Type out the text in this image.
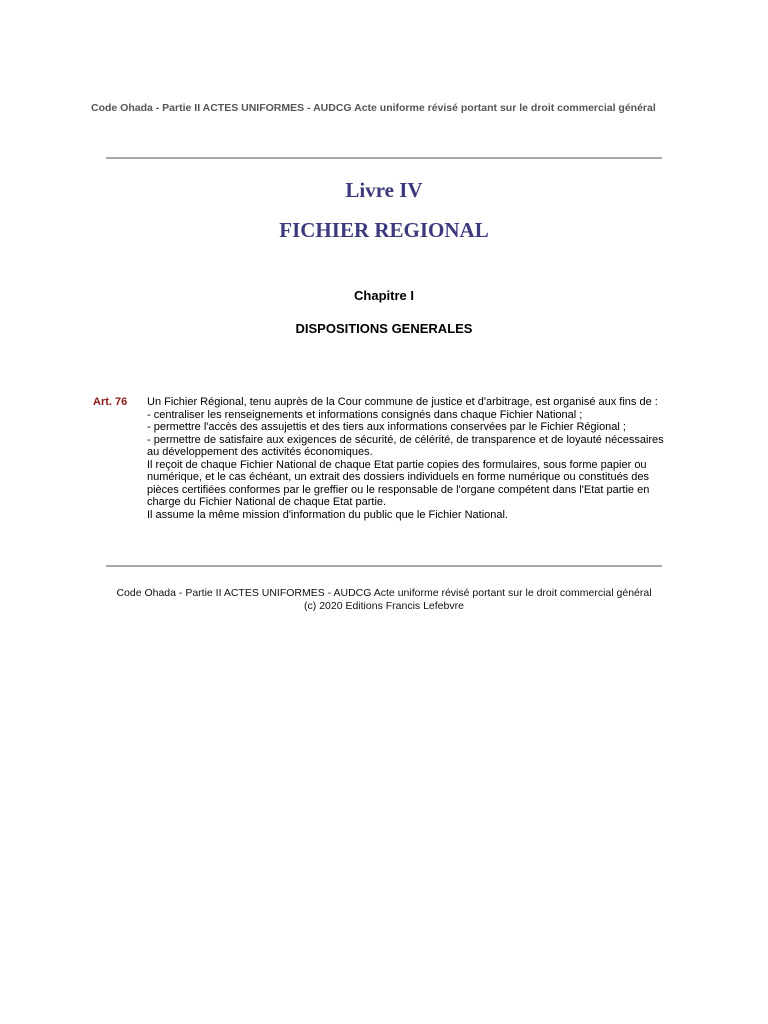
Code Ohada - Partie II ACTES UNIFORMES - AUDCG Acte uniforme révisé portant sur le droit commercial général
Livre IV
FICHIER REGIONAL
Chapitre I
DISPOSITIONS GENERALES
Art. 76 Un Fichier Régional, tenu auprès de la Cour commune de justice et d'arbitrage, est organisé aux fins de :
- centraliser les renseignements et informations consignés dans chaque Fichier National ;
- permettre l'accès des assujettis et des tiers aux informations conservées par le Fichier Régional ;
- permettre de satisfaire aux exigences de sécurité, de célérité, de transparence et de loyauté nécessaires au développement des activités économiques.
Il reçoit de chaque Fichier National de chaque Etat partie copies des formulaires, sous forme papier ou numérique, et le cas échéant, un extrait des dossiers individuels en forme numérique ou constitués des pièces certifiées conformes par le greffier ou le responsable de l'organe compétent dans l'Etat partie en charge du Fichier National de chaque Etat partie.
Il assume la même mission d'information du public que le Fichier National.
Code Ohada - Partie II ACTES UNIFORMES - AUDCG Acte uniforme révisé portant sur le droit commercial général
(c) 2020 Editions Francis Lefebvre
